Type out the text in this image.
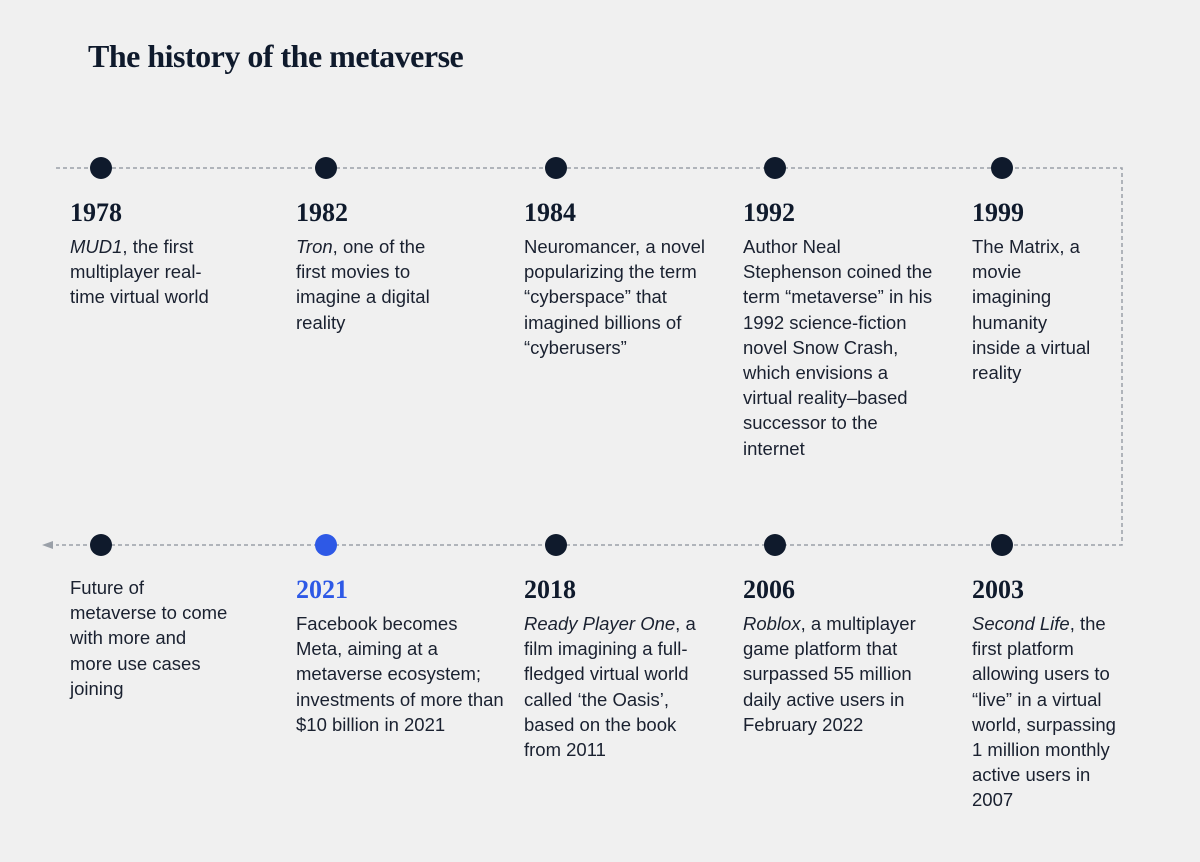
The history of the metaverse
1978
MUD1, the first multiplayer real-time virtual world
1982
Tron, one of the first movies to imagine a digital reality
1984
Neuromancer, a novel popularizing the term “cyberspace” that imagined billions of “cyberusers”
1992
Author Neal Stephenson coined the term “metaverse” in his 1992 science-fiction novel Snow Crash, which envisions a virtual reality–based successor to the internet
1999
The Matrix, a movie imagining humanity inside a virtual reality
2003
Second Life, the first platform allowing users to “live” in a virtual world, surpassing 1 million monthly active users in 2007
2006
Roblox, a multiplayer game platform that surpassed 55 million daily active users in February 2022
2018
Ready Player One, a film imagining a full-fledged virtual world called ‘the Oasis’, based on the book from 2011
2021
Facebook becomes Meta, aiming at a metaverse ecosystem; investments of more than $10 billion in 2021
Future of metaverse to come with more and more use cases joining
